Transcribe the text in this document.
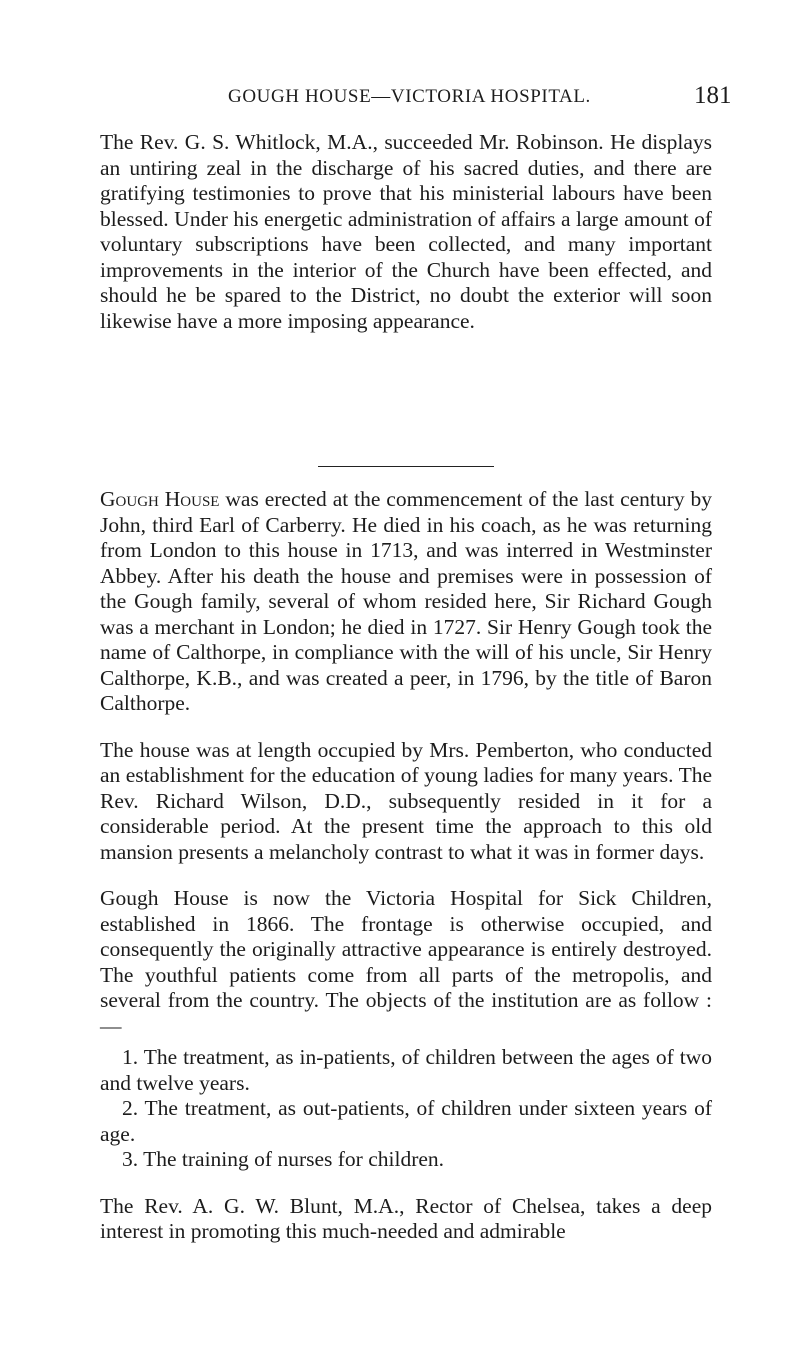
GOUGH HOUSE—VICTORIA HOSPITAL.	181

The Rev. G. S. Whitlock, M.A., succeeded Mr. Robinson. He displays an untiring zeal in the discharge of his sacred duties, and there are gratifying testimonies to prove that his ministerial labours have been blessed. Under his energetic administration of affairs a large amount of voluntary subscriptions have been collected, and many important improvements in the interior of the Church have been effected, and should he be spared to the District, no doubt the exterior will soon likewise have a more imposing appearance.

Gough House was erected at the commencement of the last century by John, third Earl of Carberry. He died in his coach, as he was returning from London to this house in 1713, and was interred in Westminster Abbey. After his death the house and premises were in possession of the Gough family, several of whom resided here, Sir Richard Gough was a merchant in London; he died in 1727. Sir Henry Gough took the name of Calthorpe, in compliance with the will of his uncle, Sir Henry Calthorpe, K.B., and was created a peer, in 1796, by the title of Baron Calthorpe.

The house was at length occupied by Mrs. Pemberton, who conducted an establishment for the education of young ladies for many years. The Rev. Richard Wilson, D.D., subsequently resided in it for a considerable period. At the present time the approach to this old mansion presents a melancholy contrast to what it was in former days.

Gough House is now the Victoria Hospital for Sick Children, established in 1866. The frontage is otherwise occupied, and consequently the originally attractive appearance is entirely destroyed. The youthful patients come from all parts of the metropolis, and several from the country. The objects of the institution are as follow :—

1. The treatment, as in-patients, of children between the ages of two and twelve years.

2. The treatment, as out-patients, of children under sixteen years of age.

3. The training of nurses for children.

The Rev. A. G. W. Blunt, M.A., Rector of Chelsea, takes a deep interest in promoting this much-needed and admirable
